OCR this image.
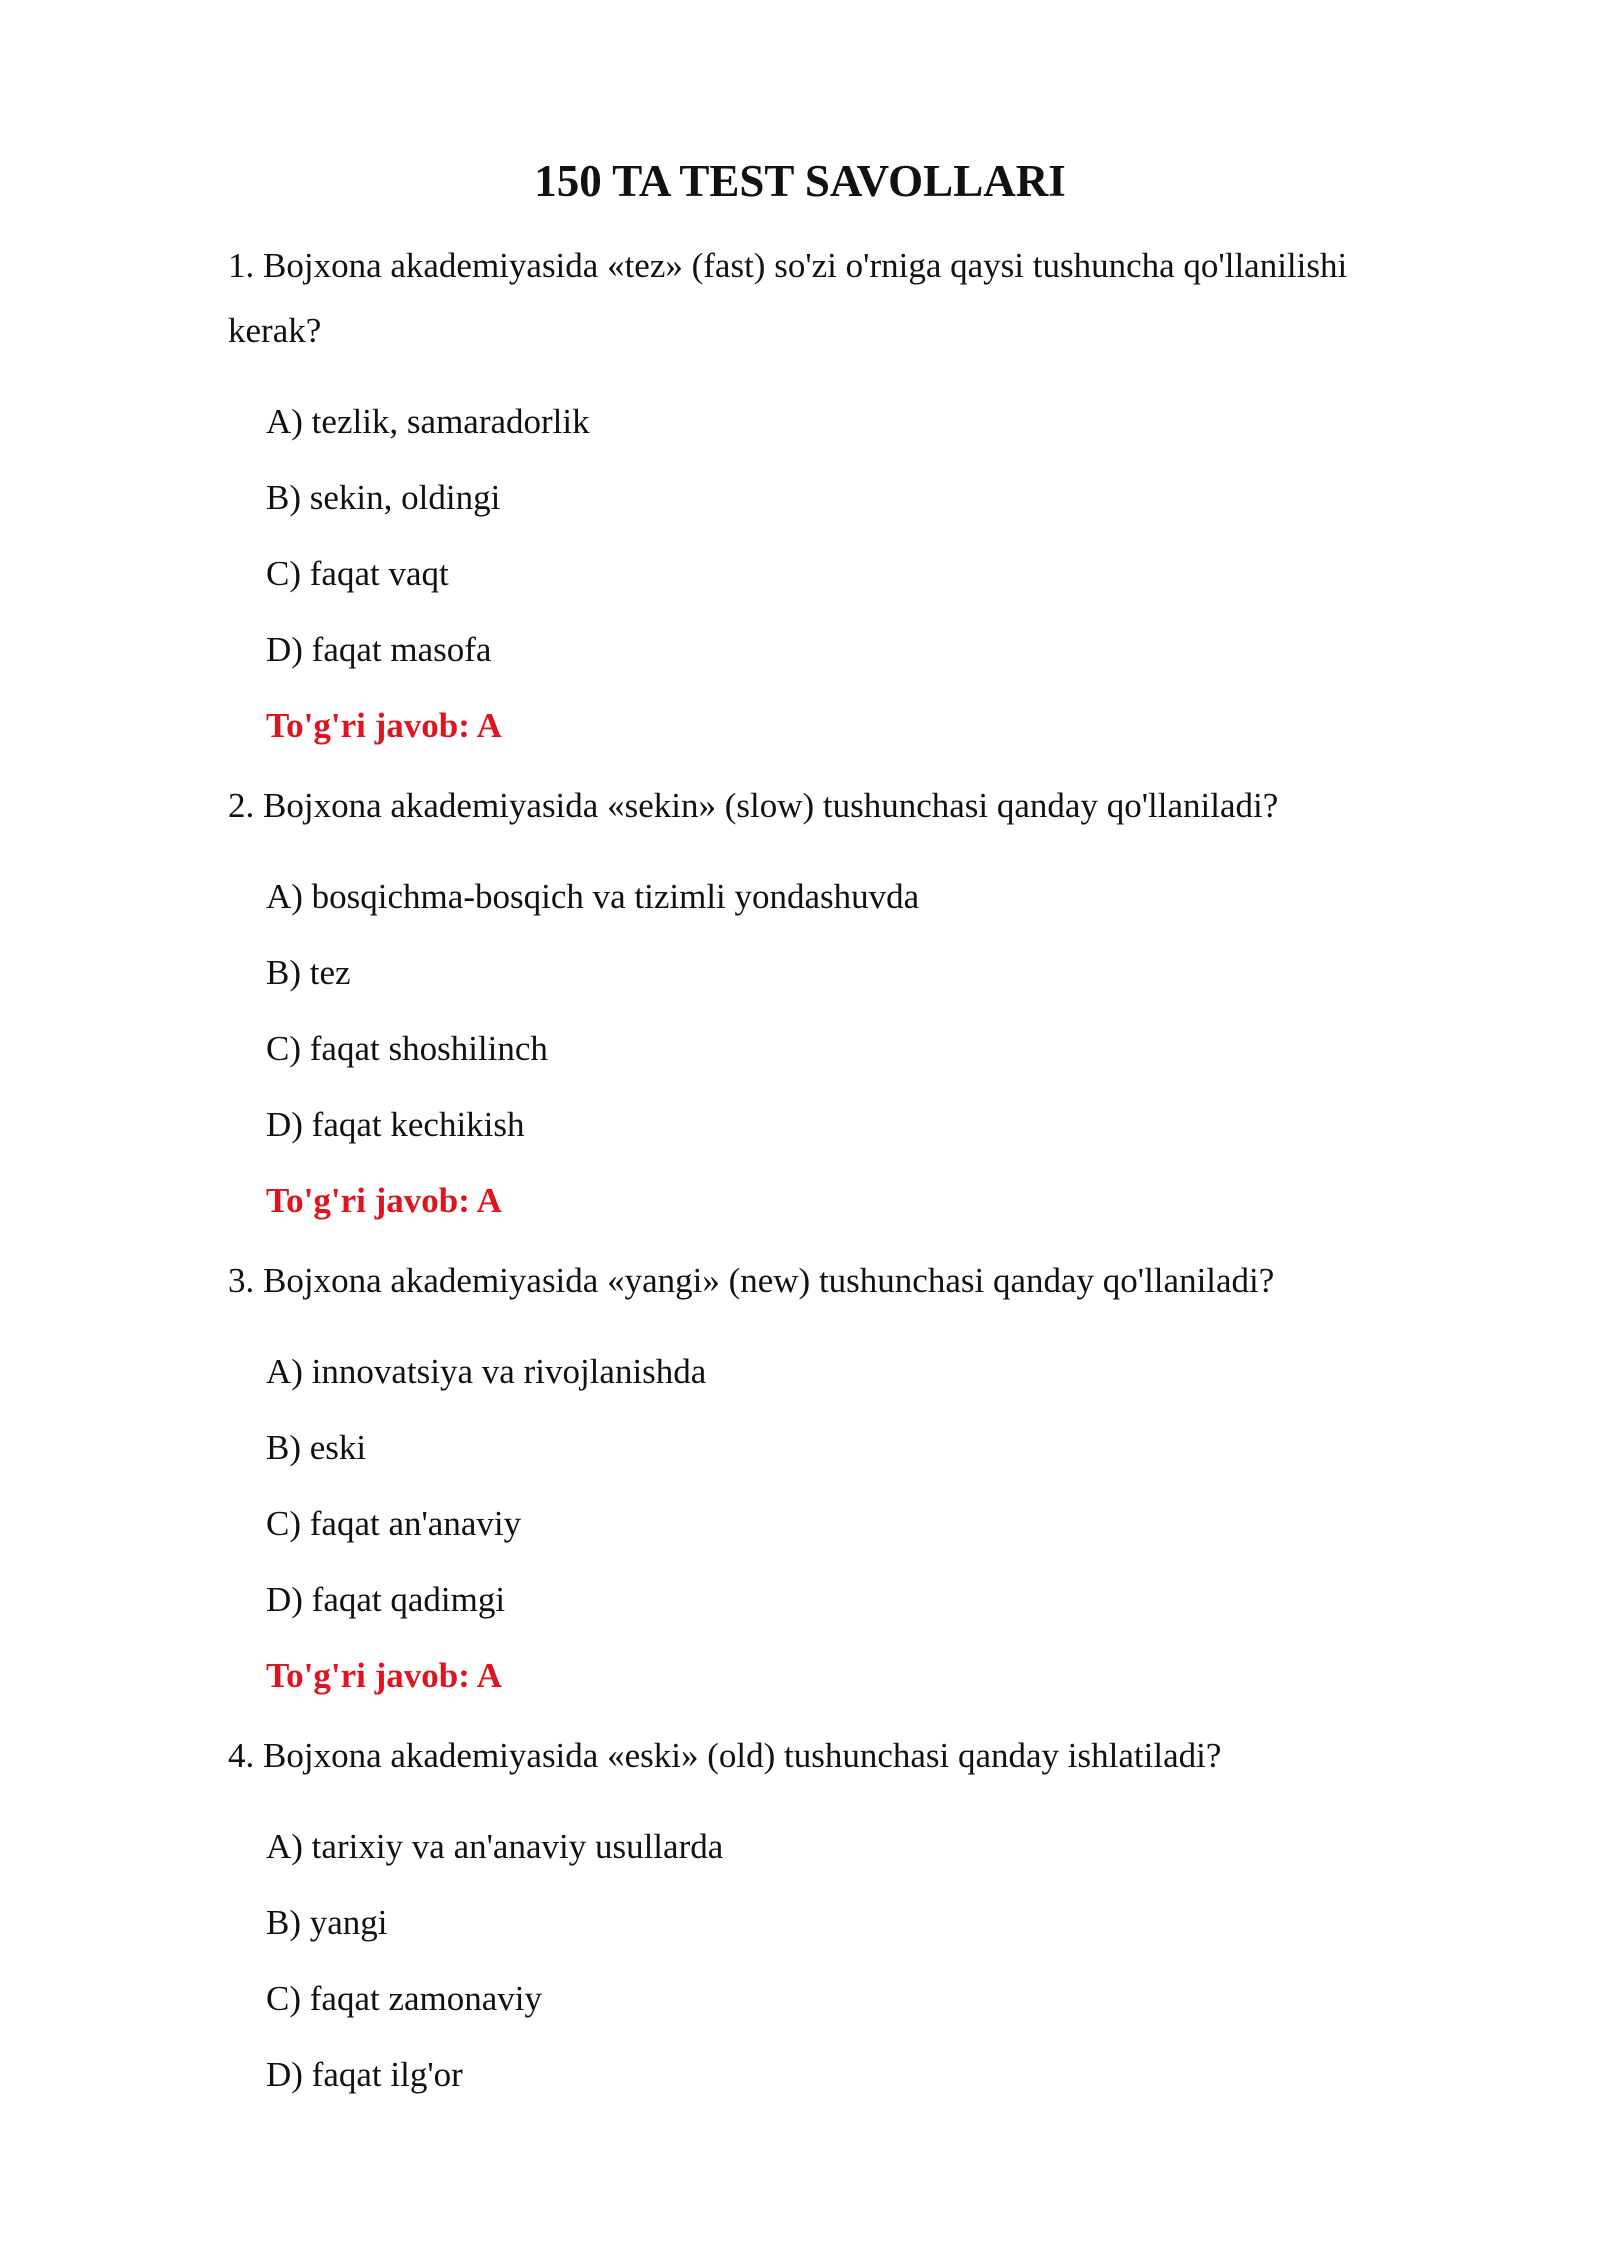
150 TA TEST SAVOLLARI

1. Bojxona akademiyasida «tez» (fast) so'zi o'rniga qaysi tushuncha qo'llanilishi kerak?

A) tezlik, samaradorlik

B) sekin, oldingi

C) faqat vaqt

D) faqat masofa

To'g'ri javob: A

2. Bojxona akademiyasida «sekin» (slow) tushunchasi qanday qo'llaniladi?

A) bosqichma-bosqich va tizimli yondashuvda

B) tez

C) faqat shoshilinch

D) faqat kechikish

To'g'ri javob: A

3. Bojxona akademiyasida «yangi» (new) tushunchasi qanday qo'llaniladi?

A) innovatsiya va rivojlanishda

B) eski

C) faqat an'anaviy

D) faqat qadimgi

To'g'ri javob: A

4. Bojxona akademiyasida «eski» (old) tushunchasi qanday ishlatiladi?

A) tarixiy va an'anaviy usullarda

B) yangi

C) faqat zamonaviy

D) faqat ilg'or
